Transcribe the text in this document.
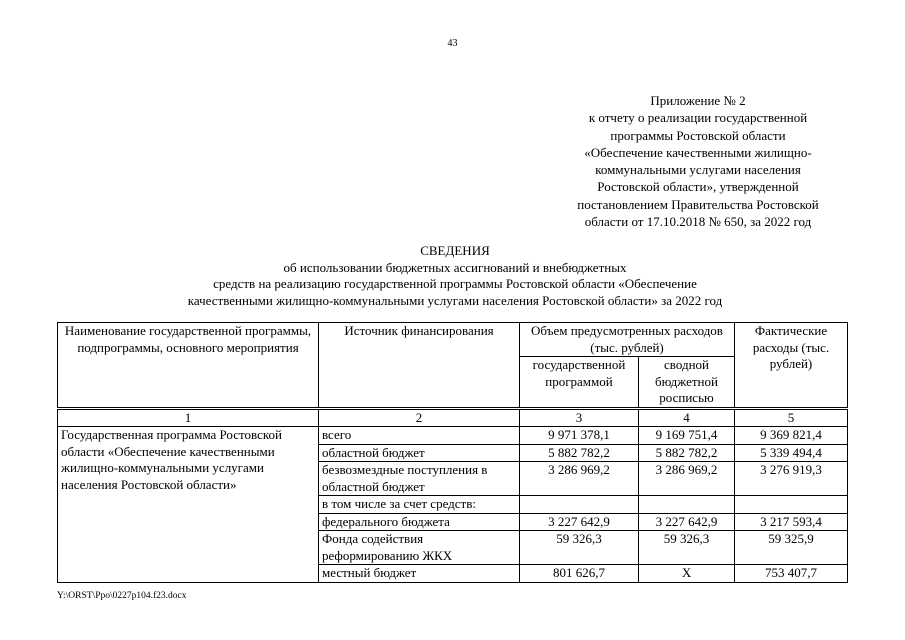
43
Приложение № 2
к отчету о реализации государственной
программы Ростовской области
«Обеспечение качественными жилищно-
коммунальными услугами населения
Ростовской области», утвержденной
постановлением Правительства Ростовской
области от 17.10.2018 № 650, за 2022 год
СВЕДЕНИЯ
об использовании бюджетных ассигнований и внебюджетных
средств на реализацию государственной программы Ростовской области «Обеспечение
качественными жилищно-коммунальными услугами населения Ростовской области» за 2022 год
Наименование государственной программы, подпрограммы, основного мероприятия	Источник финансирования	Объем предусмотренных расходов (тыс. рублей)		Фактические расходы (тыс. рублей)
		государственной программой	сводной бюджетной росписью	
1	2	3	4	5
Государственная программа Ростовской области «Обеспечение качественными жилищно-коммунальными услугами населения Ростовской области»	всего	9 971 378,1	9 169 751,4	9 369 821,4
	областной бюджет	5 882 782,2	5 882 782,2	5 339 494,4
	безвозмездные поступления в областной бюджет	3 286 969,2	3 286 969,2	3 276 919,3
	в том числе за счет средств:			
	федерального бюджета	3 227 642,9	3 227 642,9	3 217 593,4
	Фонда содействия реформированию ЖКХ	59 326,3	59 326,3	59 325,9
	местный бюджет	801 626,7	X	753 407,7
Y:\ORST\Ppo\0227p104.f23.docx
